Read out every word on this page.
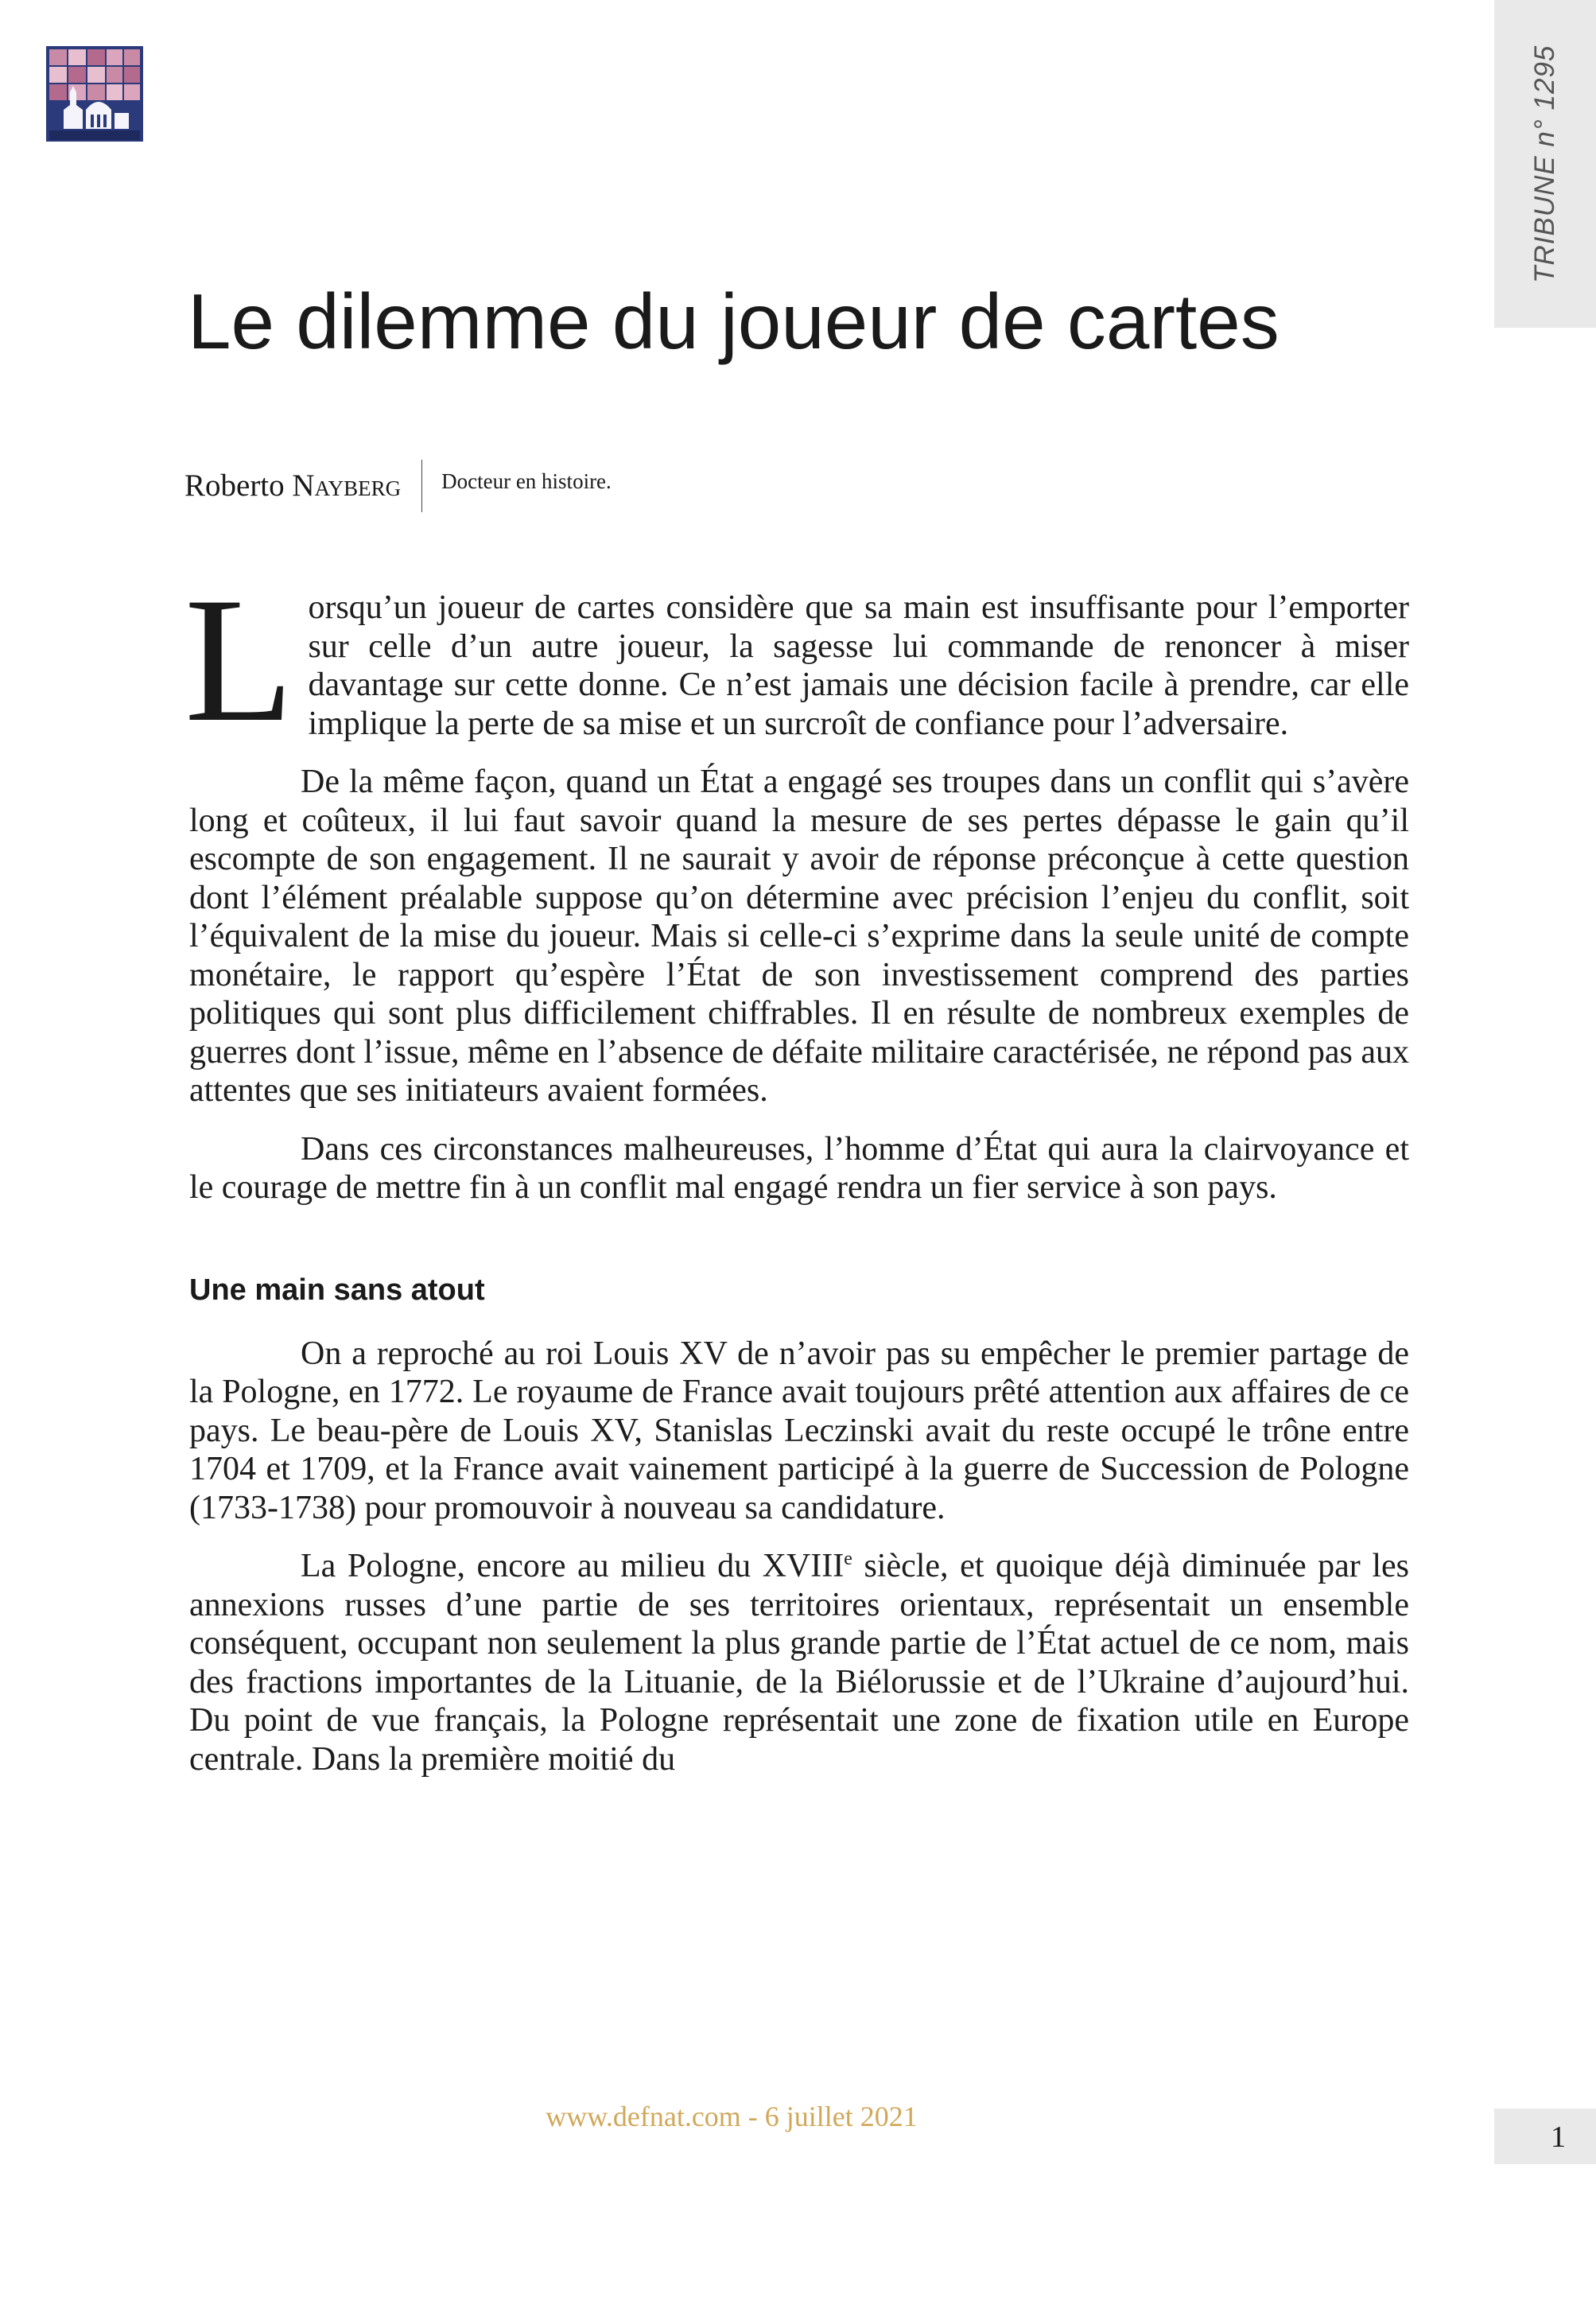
TRIBUNE n° 1295
Le dilemme du joueur de cartes
Roberto Nayberg	Docteur en histoire.

Lorsqu’un joueur de cartes considère que sa main est insuffisante pour l’emporter sur celle d’un autre joueur, la sagesse lui commande de renoncer à miser davantage sur cette donne. Ce n’est jamais une décision facile à prendre, car elle implique la perte de sa mise et un surcroît de confiance pour l’adversaire.

De la même façon, quand un État a engagé ses troupes dans un conflit qui s’avère long et coûteux, il lui faut savoir quand la mesure de ses pertes dépasse le gain qu’il escompte de son engagement. Il ne saurait y avoir de réponse préconçue à cette question dont l’élément préalable suppose qu’on détermine avec précision l’enjeu du conflit, soit l’équivalent de la mise du joueur. Mais si celle-ci s’exprime dans la seule unité de compte monétaire, le rapport qu’espère l’État de son investissement comprend des parties politiques qui sont plus difficilement chiffrables. Il en résulte de nombreux exemples de guerres dont l’issue, même en l’absence de défaite militaire caractérisée, ne répond pas aux attentes que ses initiateurs avaient formées.

Dans ces circonstances malheureuses, l’homme d’État qui aura la clairvoyance et le courage de mettre fin à un conflit mal engagé rendra un fier service à son pays.

Une main sans atout

On a reproché au roi Louis XV de n’avoir pas su empêcher le premier partage de la Pologne, en 1772. Le royaume de France avait toujours prêté attention aux affaires de ce pays. Le beau-père de Louis XV, Stanislas Leczinski avait du reste occupé le trône entre 1704 et 1709, et la France avait vainement participé à la guerre de Succession de Pologne (1733-1738) pour promouvoir à nouveau sa candidature.

La Pologne, encore au milieu du XVIIIe siècle, et quoique déjà diminuée par les annexions russes d’une partie de ses territoires orientaux, représentait un ensemble conséquent, occupant non seulement la plus grande partie de l’État actuel de ce nom, mais des fractions importantes de la Lituanie, de la Biélorussie et de l’Ukraine d’aujourd’hui. Du point de vue français, la Pologne représentait une zone de fixation utile en Europe centrale. Dans la première moitié du

www.defnat.com - 6 juillet 2021
1
